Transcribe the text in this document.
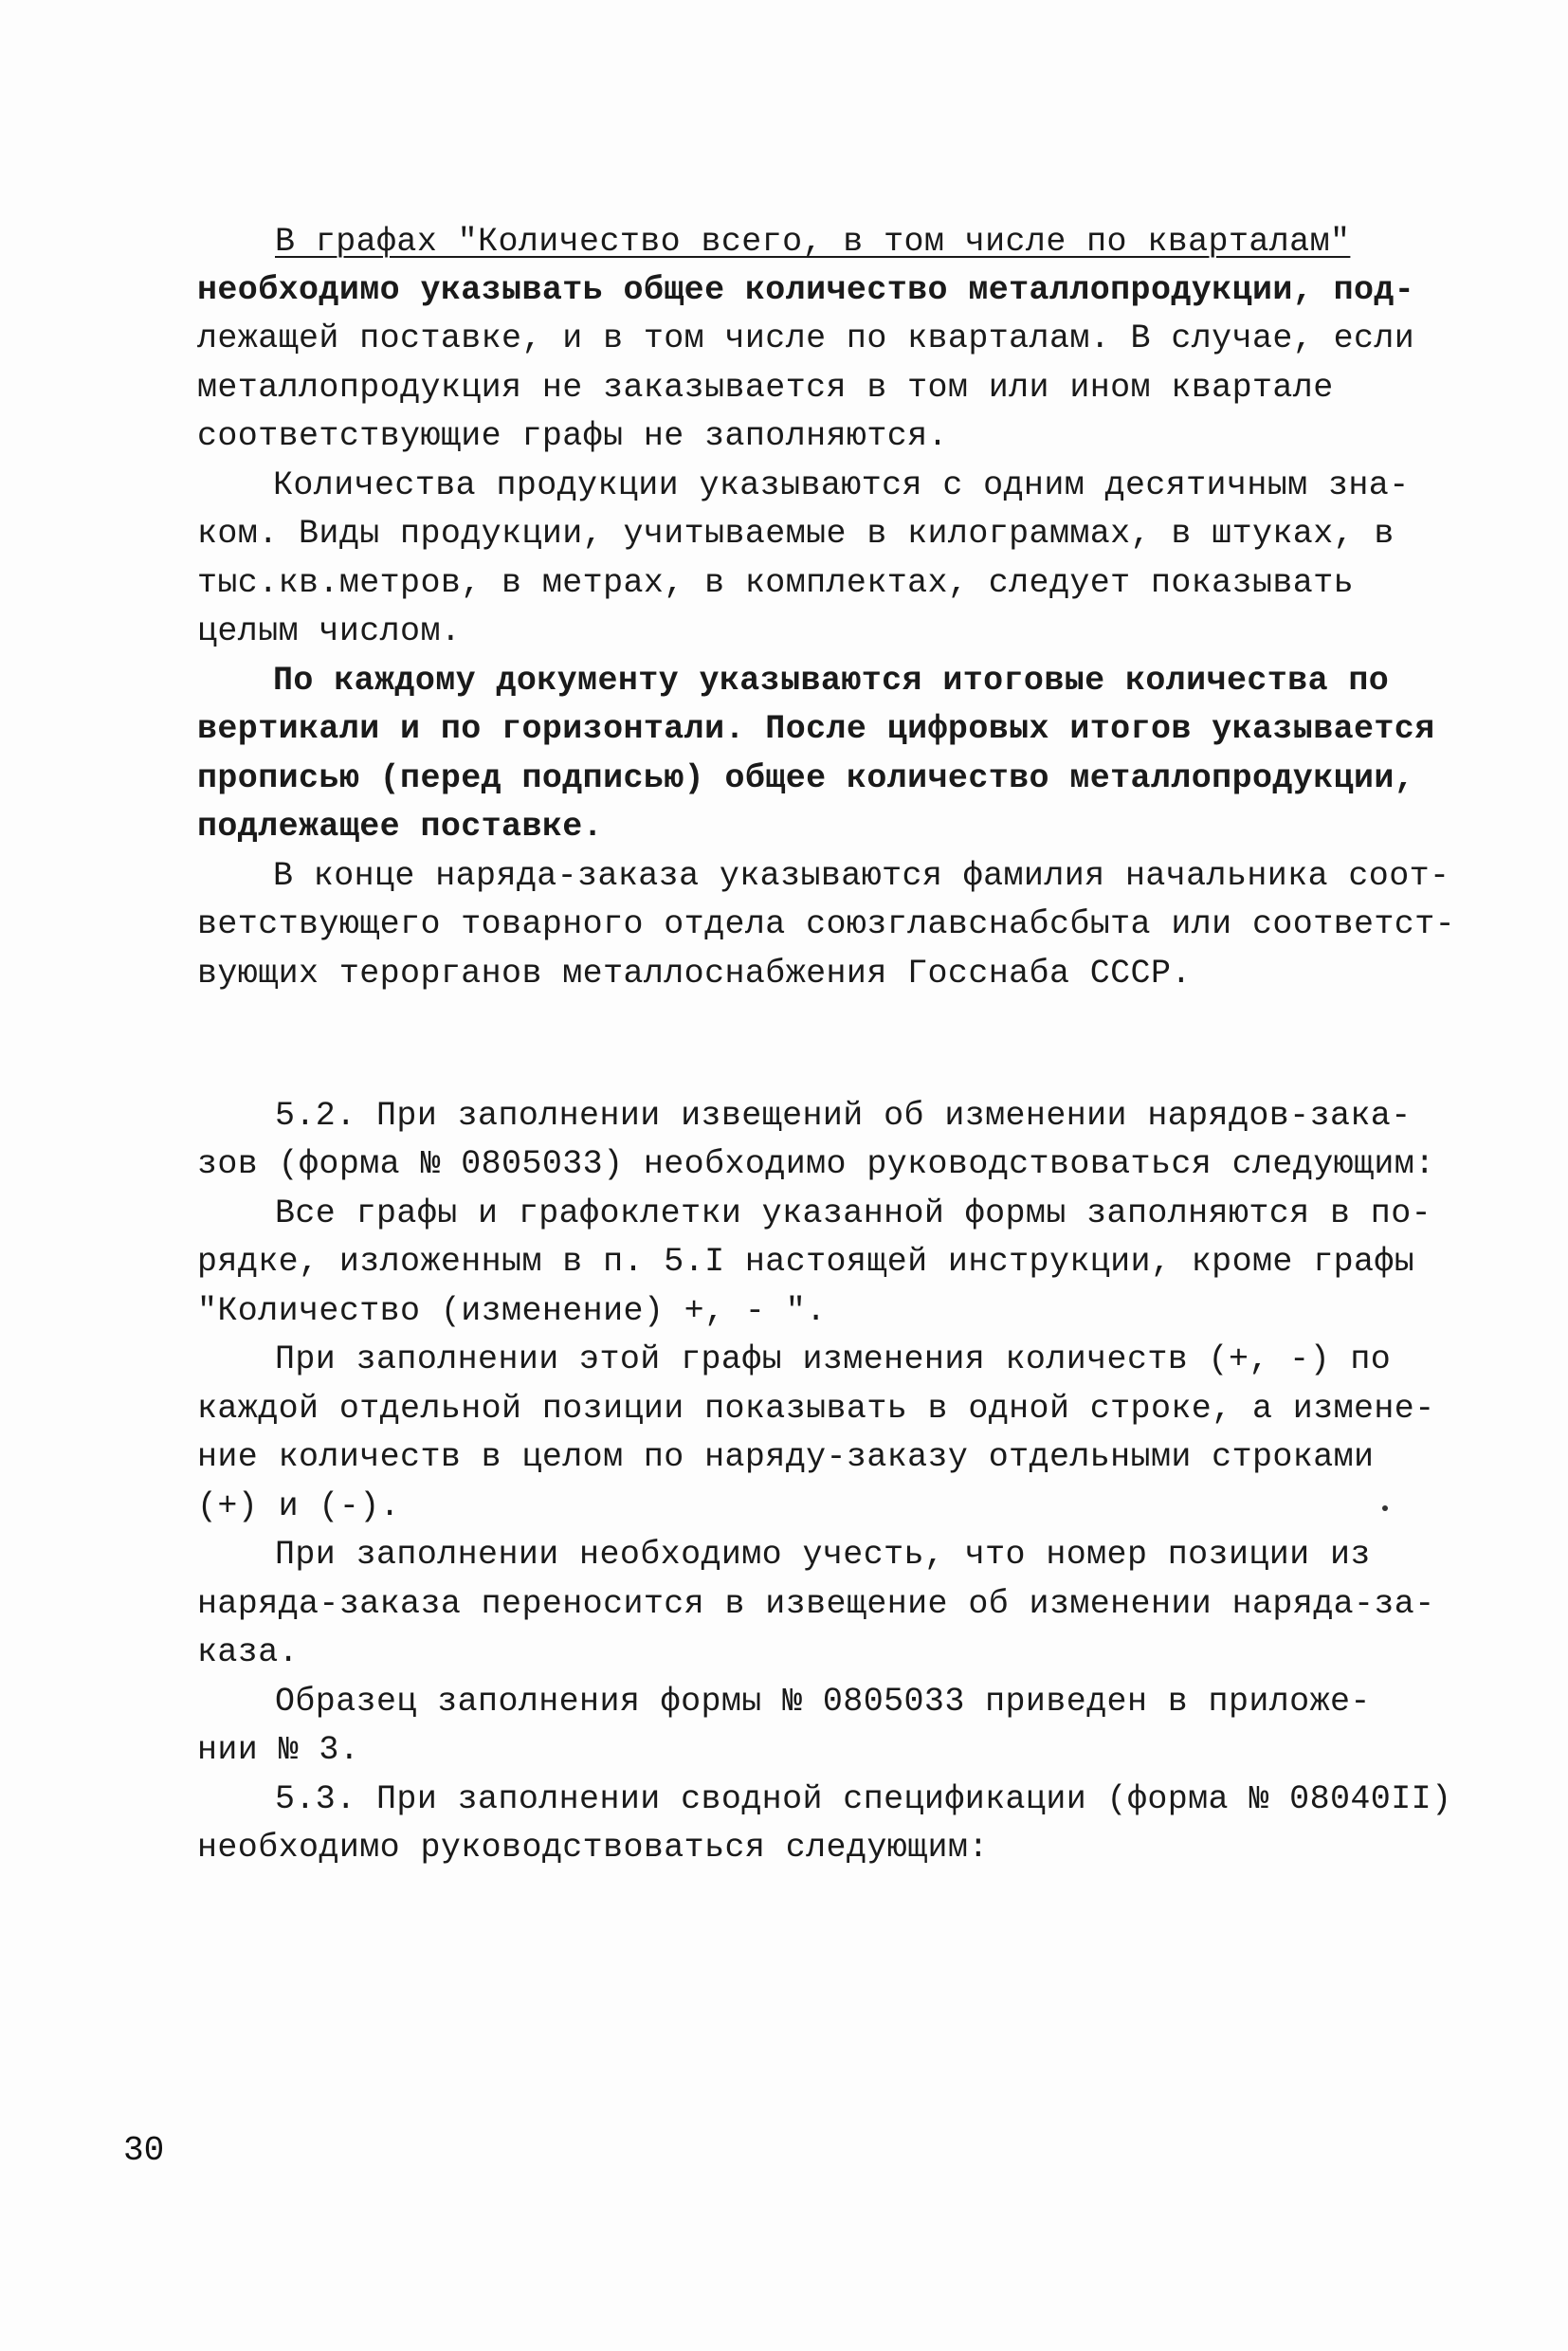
В графах "Количество всего, в том числе по кварталам"
необходимо указывать общее количество металлопродукции, под-
лежащей поставке, и в том числе по кварталам. В случае, если
металлопродукция не заказывается в том или ином квартале
соответствующие графы не заполняются.
Количества продукции указываются с одним десятичным зна-
ком. Виды продукции, учитываемые в килограммах, в штуках, в
тыс.кв.метров, в метрах, в комплектах, следует показывать
целым числом.
По каждому документу указываются итоговые количества по
вертикали и по горизонтали. После цифровых итогов указывается
прописью (перед подписью) общее количество металлопродукции,
подлежащее поставке.
В конце наряда-заказа указываются фамилия начальника соот-
ветствующего товарного отдела союзглавснабсбыта или соответст-
вующих терорганов металлоснабжения Госснаба СССР.
5.2. При заполнении извещений об изменении нарядов-зака-
зов (форма № 0805033) необходимо руководствоваться следующим:
Все графы и графоклетки указанной формы заполняются в по-
рядке, изложенным в п. 5.I настоящей инструкции, кроме графы
"Количество (изменение) +, - ".
При заполнении этой графы изменения количеств (+, -) по
каждой отдельной позиции показывать в одной строке, а измене-
ние количеств в целом по наряду-заказу отдельными строками
(+) и (-).
При заполнении необходимо учесть, что номер позиции из
наряда-заказа переносится в извещение об изменении наряда-за-
каза.
Образец заполнения формы № 0805033 приведен в приложе-
нии № 3.
5.3. При заполнении сводной спецификации (форма № 08040II)
необходимо руководствоваться следующим:
30
